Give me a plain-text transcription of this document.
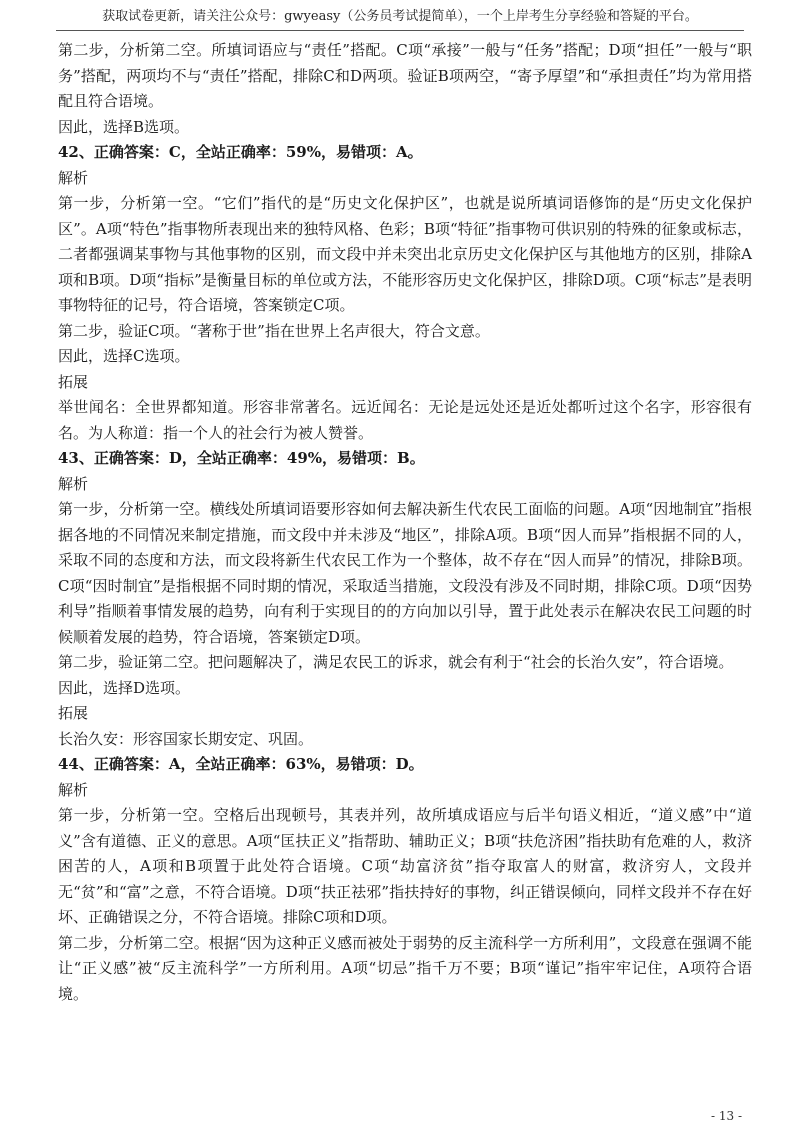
获取试卷更新，请关注公众号：gwyeasy（公务员考试提简单），一个上岸考生分享经验和答疑的平台。

第二步，分析第二空。所填词语应与“责任”搭配。C项“承接”一般与“任务”搭配；D项“担任”一般与“职务”搭配，两项均不与“责任”搭配，排除C和D两项。验证B项两空，“寄予厚望”和“承担责任”均为常用搭配且符合语境。

因此，选择B选项。

42、正确答案：C，全站正确率：59%，易错项：A。

解析

第一步，分析第一空。“它们”指代的是“历史文化保护区”，也就是说所填词语修饰的是“历史文化保护区”。A项“特色”指事物所表现出来的独特风格、色彩；B项“特征”指事物可供识别的特殊的征象或标志，二者都强调某事物与其他事物的区别，而文段中并未突出北京历史文化保护区与其他地方的区别，排除A项和B项。D项“指标”是衡量目标的单位或方法，不能形容历史文化保护区，排除D项。C项“标志”是表明事物特征的记号，符合语境，答案锁定C项。

第二步，验证C项。“著称于世”指在世界上名声很大，符合文意。

因此，选择C选项。

拓展

举世闻名：全世界都知道。形容非常著名。远近闻名：无论是远处还是近处都听过这个名字，形容很有名。为人称道：指一个人的社会行为被人赞誉。

43、正确答案：D，全站正确率：49%，易错项：B。

解析

第一步，分析第一空。横线处所填词语要形容如何去解决新生代农民工面临的问题。A项“因地制宜”指根据各地的不同情况来制定措施，而文段中并未涉及“地区”，排除A项。B项“因人而异”指根据不同的人，采取不同的态度和方法，而文段将新生代农民工作为一个整体，故不存在“因人而异”的情况，排除B项。C项“因时制宜”是指根据不同时期的情况，采取适当措施，文段没有涉及不同时期，排除C项。D项“因势利导”指顺着事情发展的趋势，向有利于实现目的的方向加以引导，置于此处表示在解决农民工问题的时候顺着发展的趋势，符合语境，答案锁定D项。

第二步，验证第二空。把问题解决了，满足农民工的诉求，就会有利于“社会的长治久安”，符合语境。

因此，选择D选项。

拓展

长治久安：形容国家长期安定、巩固。

44、正确答案：A，全站正确率：63%，易错项：D。

解析

第一步，分析第一空。空格后出现顿号，其表并列，故所填成语应与后半句语义相近，“道义感”中“道义”含有道德、正义的意思。A项“匡扶正义”指帮助、辅助正义；B项“扶危济困”指扶助有危难的人，救济困苦的人，A项和B项置于此处符合语境。C项“劫富济贫”指夺取富人的财富，救济穷人，文段并无“贫”和“富”之意，不符合语境。D项“扶正祛邪”指扶持好的事物，纠正错误倾向，同样文段并不存在好坏、正确错误之分，不符合语境。排除C项和D项。

第二步，分析第二空。根据“因为这种正义感而被处于弱势的反主流科学一方所利用”，文段意在强调不能让“正义感”被“反主流科学”一方所利用。A项“切忌”指千万不要；B项“谨记”指牢牢记住，A项符合语境。

- 13 -
